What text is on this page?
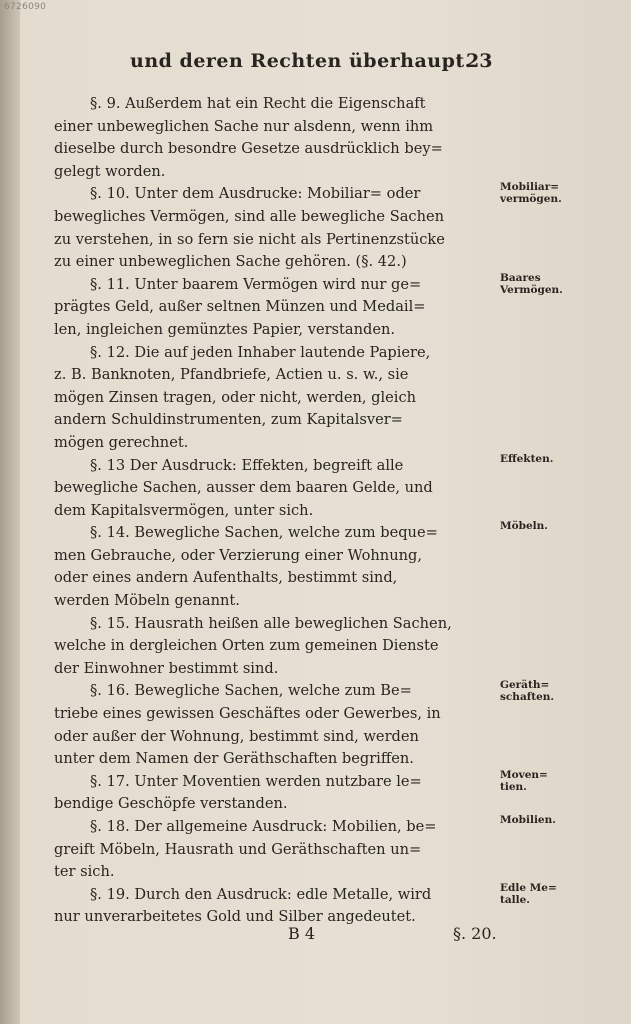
6726090
und deren Rechten überhaupt.
23
§. 9. Außerdem hat ein Recht die Eigenschaft
einer unbeweglichen Sache nur alsdenn, wenn ihm
dieselbe durch besondre Gesetze ausdrücklich bey=
gelegt worden.
§. 10. Unter dem Ausdrucke: Mobiliar= oder
bewegliches Vermögen, sind alle bewegliche Sachen
zu verstehen, in so fern sie nicht als Pertinenzstücke
zu einer unbeweglichen Sache gehören. (§. 42.)
§. 11. Unter baarem Vermögen wird nur ge=
prägtes Geld, außer seltnen Münzen und Medail=
len, ingleichen gemünztes Papier, verstanden.
§. 12. Die auf jeden Inhaber lautende Papiere,
z. B. Banknoten, Pfandbriefe, Actien u. s. w., sie
mögen Zinsen tragen, oder nicht, werden, gleich
andern Schuldinstrumenten, zum Kapitalsver=
mögen gerechnet.
§. 13 Der Ausdruck: Effekten, begreift alle
bewegliche Sachen, ausser dem baaren Gelde, und
dem Kapitalsvermögen, unter sich.
§. 14. Bewegliche Sachen, welche zum beque=
men Gebrauche, oder Verzierung einer Wohnung,
oder eines andern Aufenthalts, bestimmt sind,
werden Möbeln genannt.
§. 15. Hausrath heißen alle beweglichen Sachen,
welche in dergleichen Orten zum gemeinen Dienste
der Einwohner bestimmt sind.
§. 16. Bewegliche Sachen, welche zum Be=
triebe eines gewissen Geschäftes oder Gewerbes, in
oder außer der Wohnung, bestimmt sind, werden
unter dem Namen der Geräthschaften begriffen.
§. 17. Unter Moventien werden nutzbare le=
bendige Geschöpfe verstanden.
§. 18. Der allgemeine Ausdruck: Mobilien, be=
greift Möbeln, Hausrath und Geräthschaften un=
ter sich.
§. 19. Durch den Ausdruck: edle Metalle, wird
nur unverarbeitetes Gold und Silber angedeutet.
Mobiliar=
vermögen.
Baares
Vermögen.
Effekten.
Möbeln.
Geräth=
schaften.
Moven=
tien.
Mobilien.
Edle Me=
talle.
B 4	§. 20.
